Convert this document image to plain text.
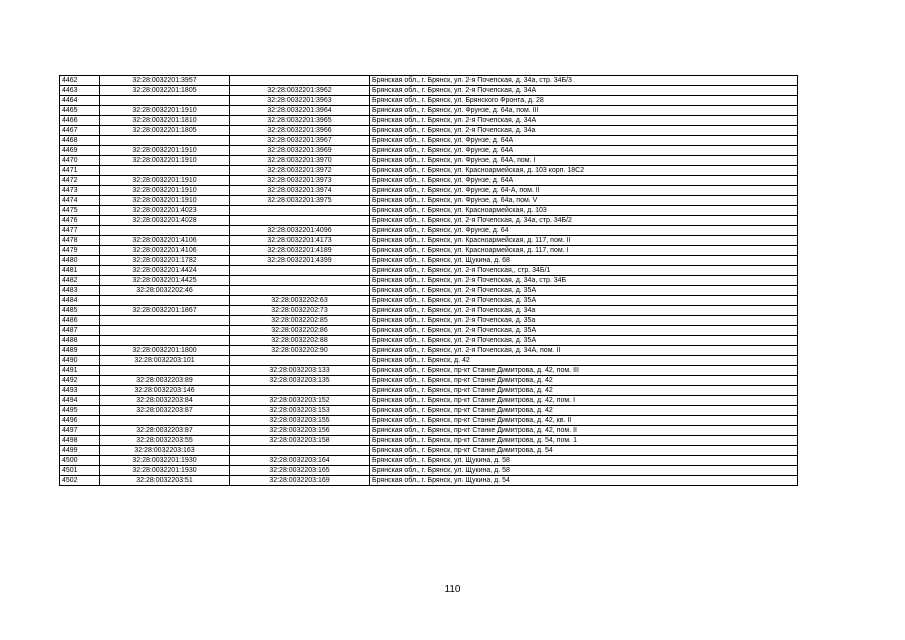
4462	32:28:0032201:3957		Брянская обл., г. Брянск, ул. 2-я Почепская, д. 34а, стр. 34Б/3
4463	32:28:0032201:1805	32:28:0032201:3962	Брянская обл., г. Брянск, ул. 2-я Почепская, д. 34А
4464		32:28:0032201:3963	Брянская обл., г. Брянск, ул. Брянского Фронта, д. 28
4465	32:28:0032201:1910	32:28:0032201:3964	Брянская обл., г. Брянск, ул. Фрунзе, д. 64а, пом. III
4466	32:28:0032201:1810	32:28:0032201:3965	Брянская обл., г. Брянск, ул. 2-я Почепская, д. 34А
4467	32:28:0032201:1805	32:28:0032201:3966	Брянская обл., г. Брянск, ул. 2-я Почепская, д. 34а
4468		32:28:0032201:3967	Брянская обл., г. Брянск, ул. Фрунзе, д. 64А
4469	32:28:0032201:1910	32:28:0032201:3969	Брянская обл., г. Брянск, ул. Фрунзе, д. 64А
4470	32:28:0032201:1910	32:28:0032201:3970	Брянская обл., г. Брянск, ул. Фрунзе, д. 64А, пом. I
4471		32:28:0032201:3972	Брянская обл., г. Брянск, ул. Красноармейская, д. 103 корп. 18С2
4472	32:28:0032201:1910	32:28:0032201:3973	Брянская обл., г. Брянск, ул. Фрунзе, д. 64А
4473	32:28:0032201:1910	32:28:0032201:3974	Брянская обл., г. Брянск, ул. Фрунзе, д. 64-А, пом. II
4474	32:28:0032201:1910	32:28:0032201:3975	Брянская обл., г. Брянск, ул. Фрунзе, д. 64а, пом. V
4475	32:28:0032201:4023		Брянская обл., г. Брянск, ул. Красноармейская, д. 103
4476	32:28:0032201:4028		Брянская обл., г. Брянск, ул. 2-я Почепская, д. 34а, стр. 34Б/2
4477		32:28:0032201:4096	Брянская обл., г. Брянск, ул. Фрунзе, д. 64
4478	32:28:0032201:4106	32:28:0032201:4173	Брянская обл., г. Брянск, ул. Красноармейская, д. 117, пом. II
4479	32:28:0032201:4106	32:28:0032201:4189	Брянская обл., г. Брянск, ул. Красноармейская, д. 117, пом. I
4480	32:28:0032201:1782	32:28:0032201:4399	Брянская обл., г. Брянск, ул. Щукина, д. 68
4481	32:28:0032201:4424		Брянская обл., г. Брянск, ул. 2-я Почепская,, стр. 34Б/1
4482	32:28:0032201:4425		Брянская обл., г. Брянск, ул. 2-я Почепская, д. 34а, стр. 34Б
4483	32:28:0032202:46		Брянская обл., г. Брянск, ул. 2-я Почепская, д. 35А
4484		32:28:0032202:63	Брянская обл., г. Брянск, ул. 2-я Почепская, д. 35А
4485	32:28:0032201:1867	32:28:0032202:73	Брянская обл., г. Брянск, ул. 2-я Почепская, д. 34а
4486		32:28:0032202:85	Брянская обл., г. Брянск, ул. 2-я Почепская, д. 35а
4487		32:28:0032202:86	Брянская обл., г. Брянск, ул. 2-я Почепская, д. 35А
4488		32:28:0032202:88	Брянская обл., г. Брянск, ул. 2-я Почепская, д. 35А
4489	32:28:0032201:1800	32:28:0032202:90	Брянская обл., г. Брянск, ул. 2-я Почепская, д. 34А, пом. II
4490	32:28:0032203:101		Брянская обл., г. Брянск, д. 42
4491		32:28:0032203:133	Брянская обл., г. Брянск, пр-кт Станке Димитрова, д. 42, пом. III
4492	32:28:0032203:89	32:28:0032203:135	Брянская обл., г. Брянск, пр-кт Станке Димитрова, д. 42
4493	32:28:0032203:146		Брянская обл., г. Брянск, пр-кт Станке Димитрова, д. 42
4494	32:28:0032203:84	32:28:0032203:152	Брянская обл., г. Брянск, пр-кт Станке Димитрова, д. 42, пом. I
4495	32:28:0032203:87	32:28:0032203:153	Брянская обл., г. Брянск, пр-кт Станке Димитрова, д. 42
4496		32:28:0032203:155	Брянская обл., г. Брянск, пр-кт Станке Димитрова, д. 42, кв. II
4497	32:28:0032203:87	32:28:0032203:156	Брянская обл., г. Брянск, пр-кт Станке Димитрова, д. 42, пом. II
4498	32:28:0032203:55	32:28:0032203:158	Брянская обл., г. Брянск, пр-кт Станке Димитрова, д. 54, пом. 1
4499	32:28:0032203:163		Брянская обл., г. Брянск, пр-кт Станке Димитрова, д. 54
4500	32:28:0032201:1930	32:28:0032203:164	Брянская обл., г. Брянск, ул. Щукина, д. 58
4501	32:28:0032201:1930	32:28:0032203:165	Брянская обл., г. Брянск, ул. Щукина, д. 58
4502	32:28:0032203:51	32:28:0032203:169	Брянская обл., г. Брянск, ул. Щукина, д. 54
110
